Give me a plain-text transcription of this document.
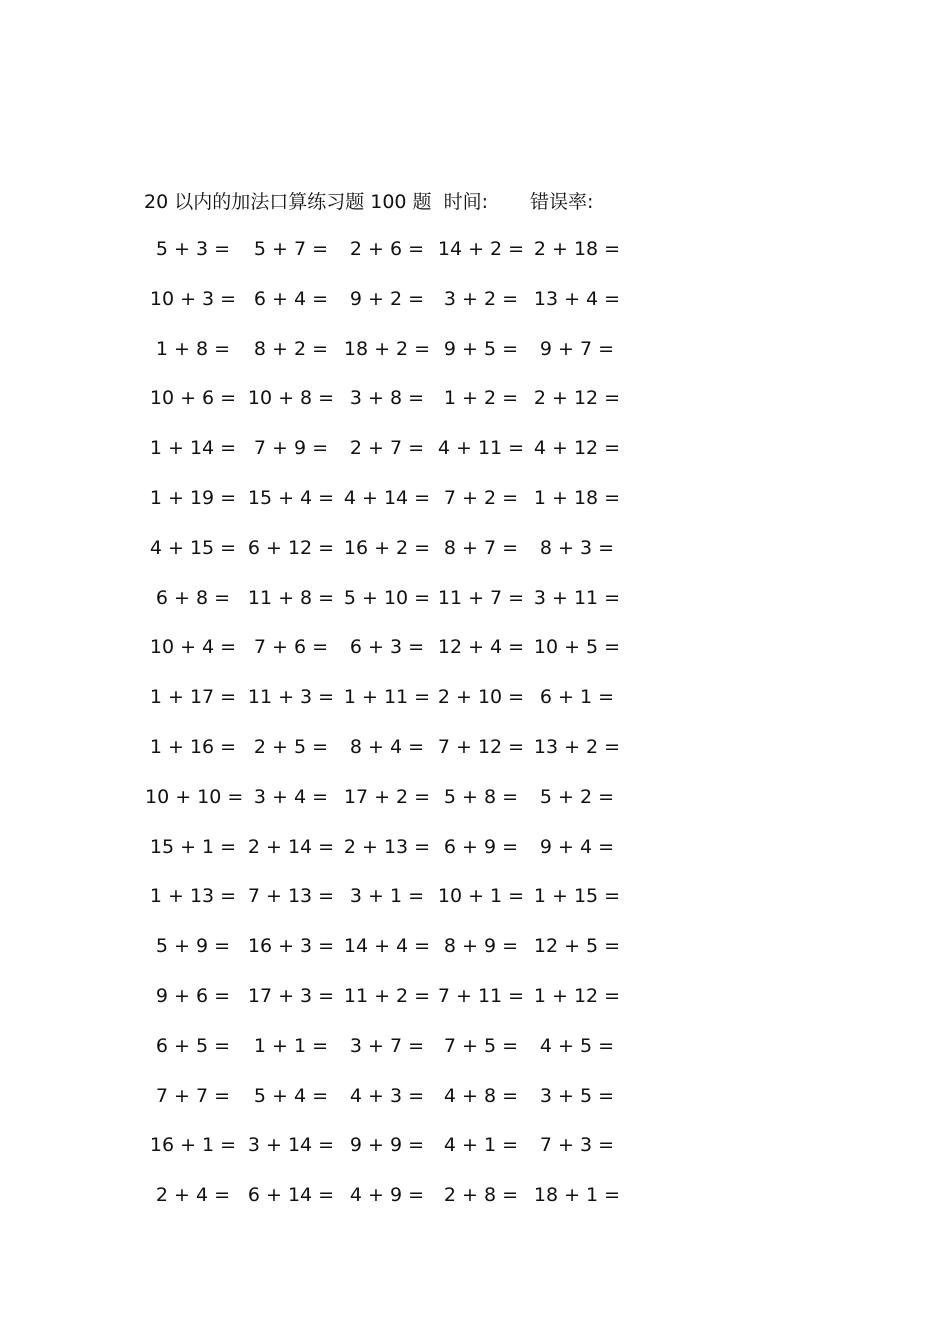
20 以内的加法口算练习题 100 题 时间: 错误率:
5 + 3 =	5 + 7 =	2 + 6 = 14 + 2 = 2 + 18 =
10 + 3 = 6 + 4 =	9 + 2 =	3 + 2 = 13 + 4 =
1 + 8 =	8 + 2 = 18 + 2 = 9 + 5 =	9 + 7 =
10 + 6 = 10 + 8 = 3 + 8 =	1 + 2 = 2 + 12 =
1 + 14 = 7 + 9 =	2 + 7 = 4 + 11 = 4 + 12 =
1 + 19 = 15 + 4 = 4 + 14 = 7 + 2 = 1 + 18 =
4 + 15 = 6 + 12 = 16 + 2 = 8 + 7 =	8 + 3 =
6 + 8 = 11 + 8 = 5 + 10 = 11 + 7 = 3 + 11 =
10 + 4 = 7 + 6 =	6 + 3 = 12 + 4 = 10 + 5 =
1 + 17 = 11 + 3 = 1 + 11 = 2 + 10 = 6 + 1 =
1 + 16 = 2 + 5 =	8 + 4 = 7 + 12 = 13 + 2 =
10 + 10 = 3 + 4 = 17 + 2 = 5 + 8 =	5 + 2 =
15 + 1 = 2 + 14 = 2 + 13 = 6 + 9 =	9 + 4 =
1 + 13 = 7 + 13 = 3 + 1 = 10 + 1 = 1 + 15 =
5 + 9 = 16 + 3 = 14 + 4 = 8 + 9 = 12 + 5 =
9 + 6 = 17 + 3 = 11 + 2 = 7 + 11 = 1 + 12 =
6 + 5 =	1 + 1 =	3 + 7 =	7 + 5 =	4 + 5 =
7 + 7 =	5 + 4 =	4 + 3 =	4 + 8 =	3 + 5 =
16 + 1 = 3 + 14 = 9 + 9 =	4 + 1 =	7 + 3 =
2 + 4 = 6 + 14 = 4 + 9 =	2 + 8 = 18 + 1 =
